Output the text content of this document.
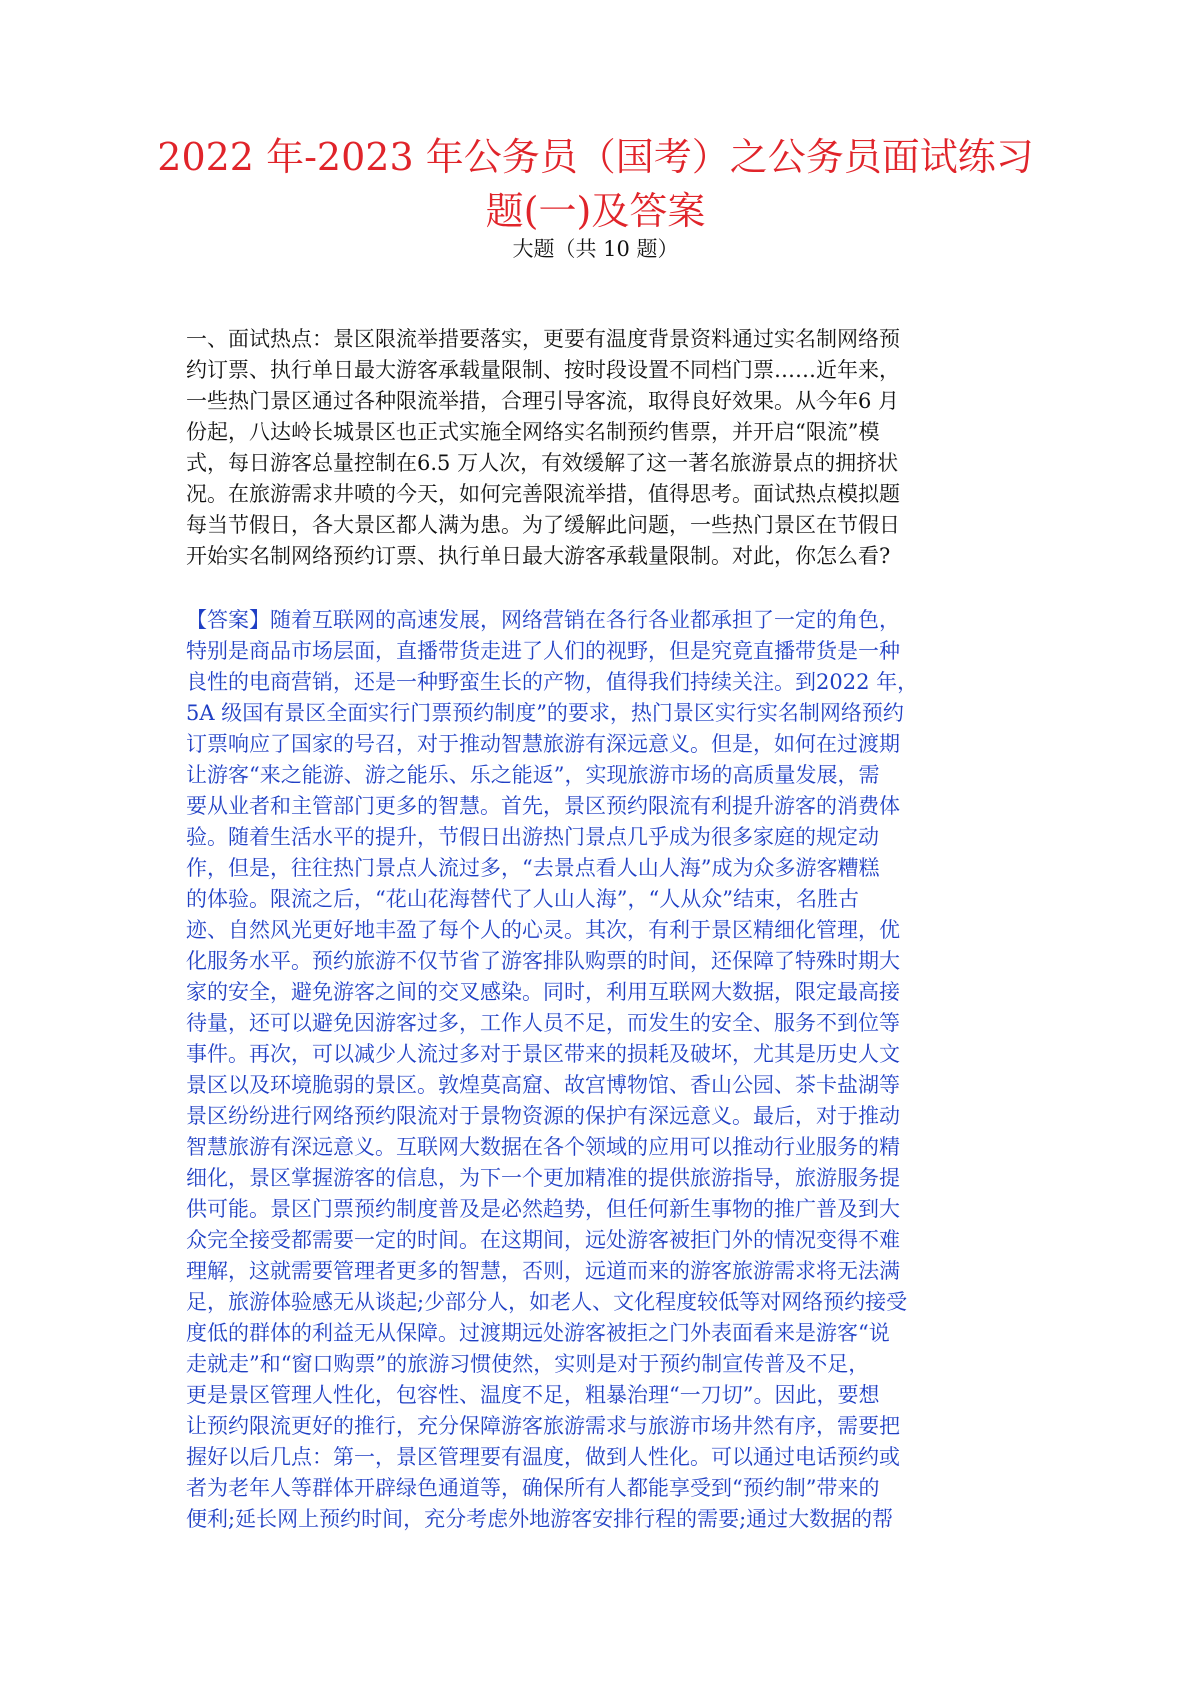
2022 年-2023 年公务员（国考）之公务员面试练习
题(一)及答案
大题（共 10 题）
一、面试热点：景区限流举措要落实，更要有温度背景资料通过实名制网络预
约订票、执行单日最大游客承载量限制、按时段设置不同档门票……近年来，
一些热门景区通过各种限流举措，合理引导客流，取得良好效果。从今年6 月
份起，八达岭长城景区也正式实施全网络实名制预约售票，并开启“限流”模
式，每日游客总量控制在6.5 万人次，有效缓解了这一著名旅游景点的拥挤状
况。在旅游需求井喷的今天，如何完善限流举措，值得思考。面试热点模拟题
每当节假日，各大景区都人满为患。为了缓解此问题，一些热门景区在节假日
开始实名制网络预约订票、执行单日最大游客承载量限制。对此，你怎么看?
【答案】随着互联网的高速发展，网络营销在各行各业都承担了一定的角色，
特别是商品市场层面，直播带货走进了人们的视野，但是究竟直播带货是一种
良性的电商营销，还是一种野蛮生长的产物，值得我们持续关注。到2022 年，
5A 级国有景区全面实行门票预约制度”的要求，热门景区实行实名制网络预约
订票响应了国家的号召，对于推动智慧旅游有深远意义。但是，如何在过渡期
让游客“来之能游、游之能乐、乐之能返”，实现旅游市场的高质量发展，需
要从业者和主管部门更多的智慧。首先，景区预约限流有利提升游客的消费体
验。随着生活水平的提升，节假日出游热门景点几乎成为很多家庭的规定动
作，但是，往往热门景点人流过多，“去景点看人山人海”成为众多游客糟糕
的体验。限流之后，“花山花海替代了人山人海”，“人从众”结束，名胜古
迹、自然风光更好地丰盈了每个人的心灵。其次，有利于景区精细化管理，优
化服务水平。预约旅游不仅节省了游客排队购票的时间，还保障了特殊时期大
家的安全，避免游客之间的交叉感染。同时，利用互联网大数据，限定最高接
待量，还可以避免因游客过多，工作人员不足，而发生的安全、服务不到位等
事件。再次，可以减少人流过多对于景区带来的损耗及破坏，尤其是历史人文
景区以及环境脆弱的景区。敦煌莫高窟、故宫博物馆、香山公园、茶卡盐湖等
景区纷纷进行网络预约限流对于景物资源的保护有深远意义。最后，对于推动
智慧旅游有深远意义。互联网大数据在各个领域的应用可以推动行业服务的精
细化，景区掌握游客的信息，为下一个更加精准的提供旅游指导，旅游服务提
供可能。景区门票预约制度普及是必然趋势，但任何新生事物的推广普及到大
众完全接受都需要一定的时间。在这期间，远处游客被拒门外的情况变得不难
理解，这就需要管理者更多的智慧，否则，远道而来的游客旅游需求将无法满
足，旅游体验感无从谈起;少部分人，如老人、文化程度较低等对网络预约接受
度低的群体的利益无从保障。过渡期远处游客被拒之门外表面看来是游客“说
走就走”和“窗口购票”的旅游习惯使然，实则是对于预约制宣传普及不足，
更是景区管理人性化，包容性、温度不足，粗暴治理“一刀切”。因此，要想
让预约限流更好的推行，充分保障游客旅游需求与旅游市场井然有序，需要把
握好以后几点：第一，景区管理要有温度，做到人性化。可以通过电话预约或
者为老年人等群体开辟绿色通道等，确保所有人都能享受到“预约制”带来的
便利;延长网上预约时间，充分考虑外地游客安排行程的需要;通过大数据的帮
